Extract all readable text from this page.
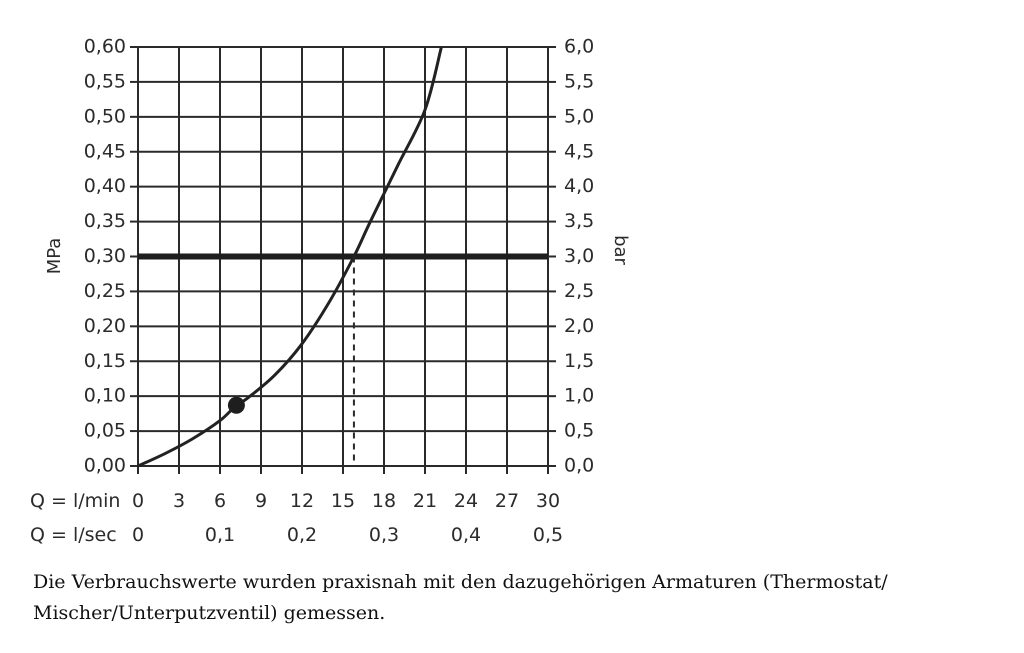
0,00
0,05
0,10
0,15
0,20
0,25
0,30
0,35
0,40
0,45
0,50
0,55
0,60
0,0
0,5
1,0
1,5
2,0
2,5
3,0
3,5
4,0
4,5
5,0
5,5
6,0
0 3 6 9 12 15 18 21 24 27 30
0	0,1	0,2	0,3	0,4	0,5
MPa	bar
Q = l/min
Q = l/sec
Die Verbrauchswerte wurden praxisnah mit den dazugehörigen Armaturen (Thermostat/
Mischer/Unterputzventil) gemessen.
